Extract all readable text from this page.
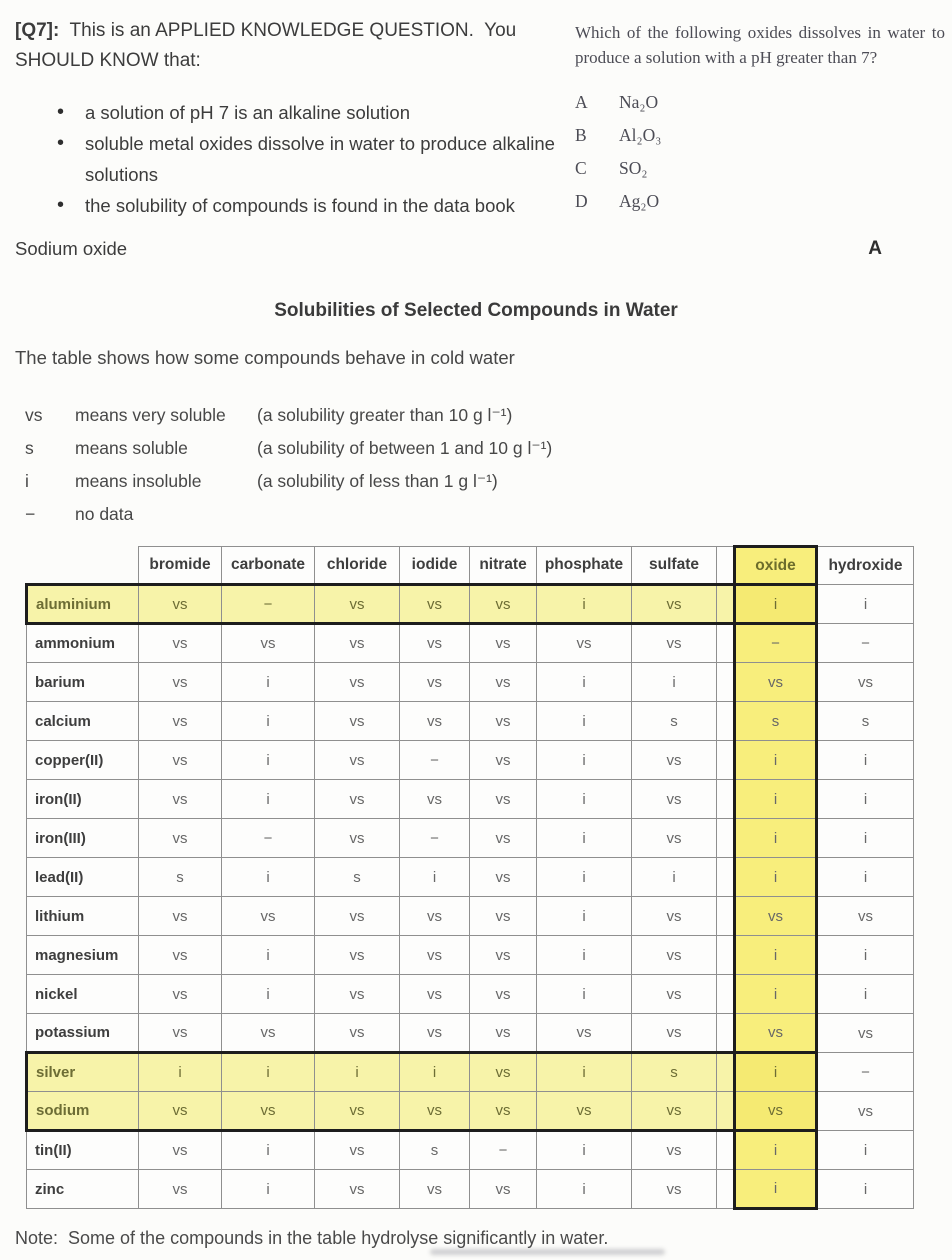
[Q7]:  This is an APPLIED KNOWLEDGE QUESTION.  You

SHOULD KNOW that:

• a solution of pH 7 is an alkaline solution
• soluble metal oxides dissolve in water to produce alkaline solutions
• the solubility of compounds is found in the data book

Which of the following oxides dissolves in water to produce a solution with a pH greater than 7?

A	Na₂O
B	Al₂O₃
C	SO₂
D	Ag₂O
Sodium oxide	A
Solubilities of Selected Compounds in Water
The table shows how some compounds behave in cold water
vs	means very soluble	(a solubility greater than 10 g l⁻¹)
s	means soluble	(a solubility of between 1 and 10 g l⁻¹)
i	means insoluble	(a solubility of less than 1 g l⁻¹)
−	no data
	bromide	carbonate	chloride	iodide	nitrate	phosphate	sulfate		oxide	hydroxide
aluminium	vs	−	vs	vs	vs	i	vs		i	i
ammonium	vs	vs	vs	vs	vs	vs	vs		−	−
barium	vs	i	vs	vs	vs	i	i		vs	vs
calcium	vs	i	vs	vs	vs	i	s		s	s
copper(II)	vs	i	vs	−	vs	i	vs		i	i
iron(II)	vs	i	vs	vs	vs	i	vs		i	i
iron(III)	vs	−	vs	−	vs	i	vs		i	i
lead(II)	s	i	s	i	vs	i	i		i	i
lithium	vs	vs	vs	vs	vs	i	vs		vs	vs
magnesium	vs	i	vs	vs	vs	i	vs		i	i
nickel	vs	i	vs	vs	vs	i	vs		i	i
potassium	vs	vs	vs	vs	vs	vs	vs		vs	vs
silver	i	i	i	i	vs	i	s		i	−
sodium	vs	vs	vs	vs	vs	vs	vs		vs	vs
tin(II)	vs	i	vs	s	−	i	vs		i	i
zinc	vs	i	vs	vs	vs	i	vs		i	i
Note:  Some of the compounds in the table hydrolyse significantly in water.
